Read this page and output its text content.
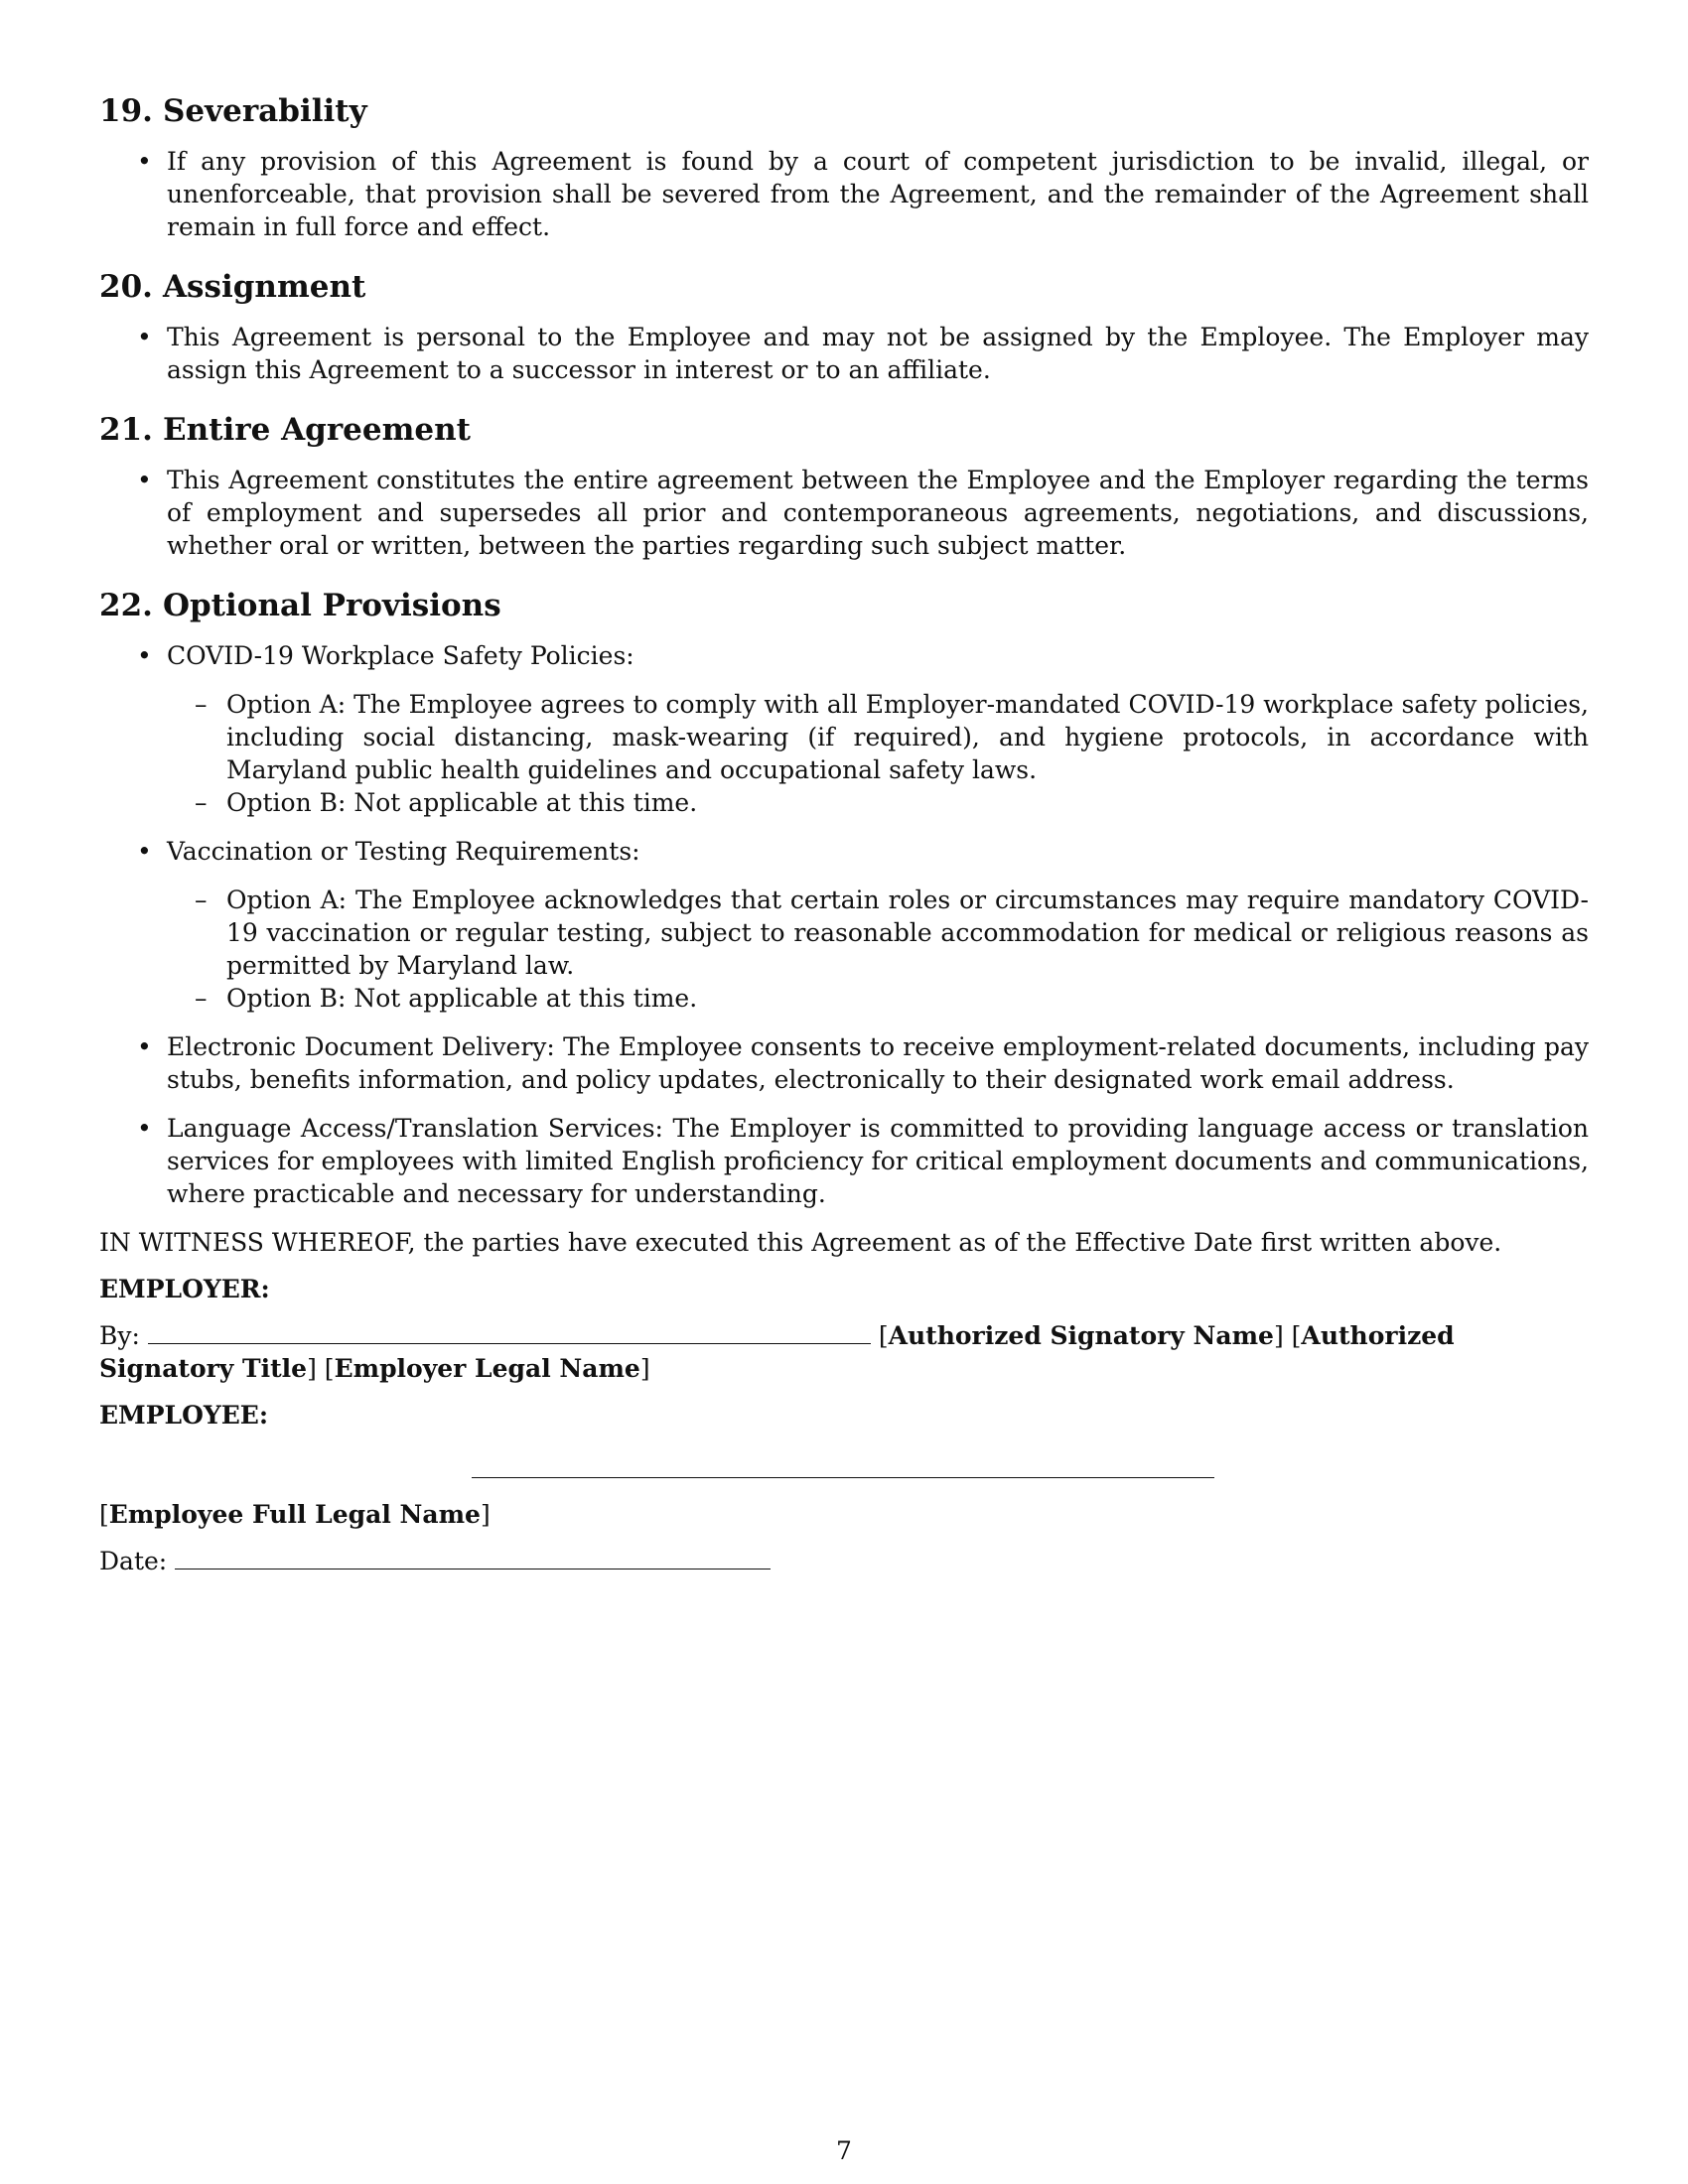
19. Severability
• If any provision of this Agreement is found by a court of competent jurisdiction to be invalid, illegal, or unenforceable, that provision shall be severed from the Agreement, and the remainder of the Agreement shall remain in full force and effect.
20. Assignment
• This Agreement is personal to the Employee and may not be assigned by the Employee. The Employer may assign this Agreement to a successor in interest or to an affiliate.
21. Entire Agreement
• This Agreement constitutes the entire agreement between the Employee and the Employer regarding the terms of employment and supersedes all prior and contemporaneous agreements, negotiations, and discussions, whether oral or written, between the parties regarding such subject matter.
22. Optional Provisions
• COVID-19 Workplace Safety Policies:
– Option A: The Employee agrees to comply with all Employer-mandated COVID-19 workplace safety policies, including social distancing, mask-wearing (if required), and hygiene protocols, in accordance with Maryland public health guidelines and occupational safety laws.
– Option B: Not applicable at this time.
• Vaccination or Testing Requirements:
– Option A: The Employee acknowledges that certain roles or circumstances may require mandatory COVID-19 vaccination or regular testing, subject to reasonable accommodation for medical or religious reasons as permitted by Maryland law.
– Option B: Not applicable at this time.
• Electronic Document Delivery: The Employee consents to receive employment-related documents, including pay stubs, benefits information, and policy updates, electronically to their designated work email address.
• Language Access/Translation Services: The Employer is committed to providing language access or translation services for employees with limited English proficiency for critical employment documents and communications, where practicable and necessary for understanding.

IN WITNESS WHEREOF, the parties have executed this Agreement as of the Effective Date first written above.

EMPLOYER:

By:	[Authorized Signatory Name] [Authorized Signatory Title] [Employer Legal Name]

EMPLOYEE:

[Employee Full Legal Name]

Date:

7
